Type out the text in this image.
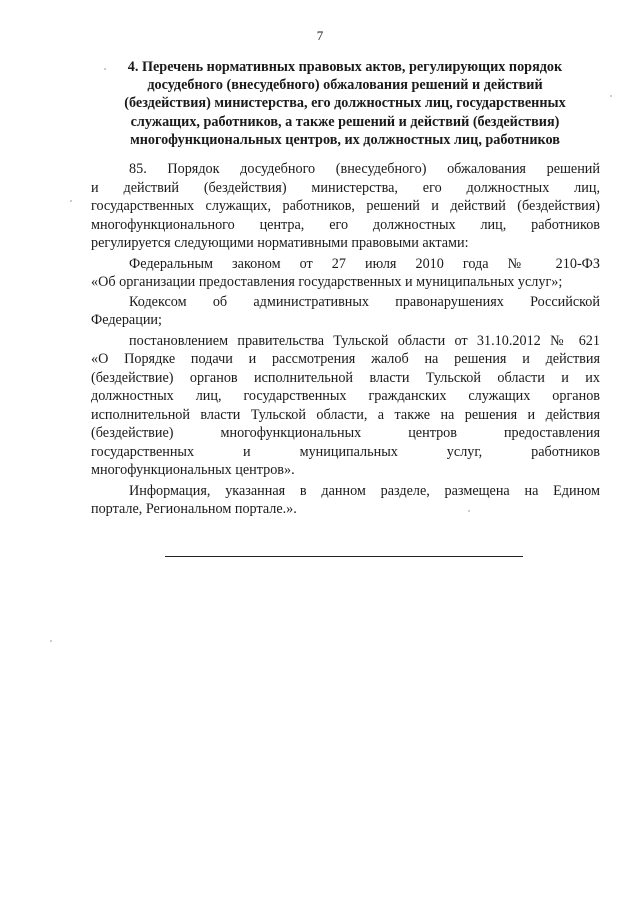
7
4. Перечень нормативных правовых актов, регулирующих порядок
досудебного (внесудебного) обжалования решений и действий
(бездействия) министерства, его должностных лиц, государственных
служащих, работников, а также решений и действий (бездействия)
многофункциональных центров, их должностных лиц, работников
85. Порядок досудебного (внесудебного) обжалования решений
и действий (бездействия) министерства, его должностных лиц,
государственных служащих, работников, решений и действий (бездействия)
многофункционального центра, его должностных лиц, работников
регулируется следующими нормативными правовыми актами:
Федеральным законом от 27 июля 2010 года № 210-ФЗ
«Об организации предоставления государственных и муниципальных услуг»;
Кодексом об административных правонарушениях Российской
Федерации;
постановлением правительства Тульской области от 31.10.2012 № 621
«О Порядке подачи и рассмотрения жалоб на решения и действия
(бездействие) органов исполнительной власти Тульской области и их
должностных лиц, государственных гражданских служащих органов
исполнительной власти Тульской области, а также на решения и действия
(бездействие) многофункциональных центров предоставления
государственных и муниципальных услуг, работников
многофункциональных центров».
Информация, указанная в данном разделе, размещена на Едином
портале, Региональном портале.».
